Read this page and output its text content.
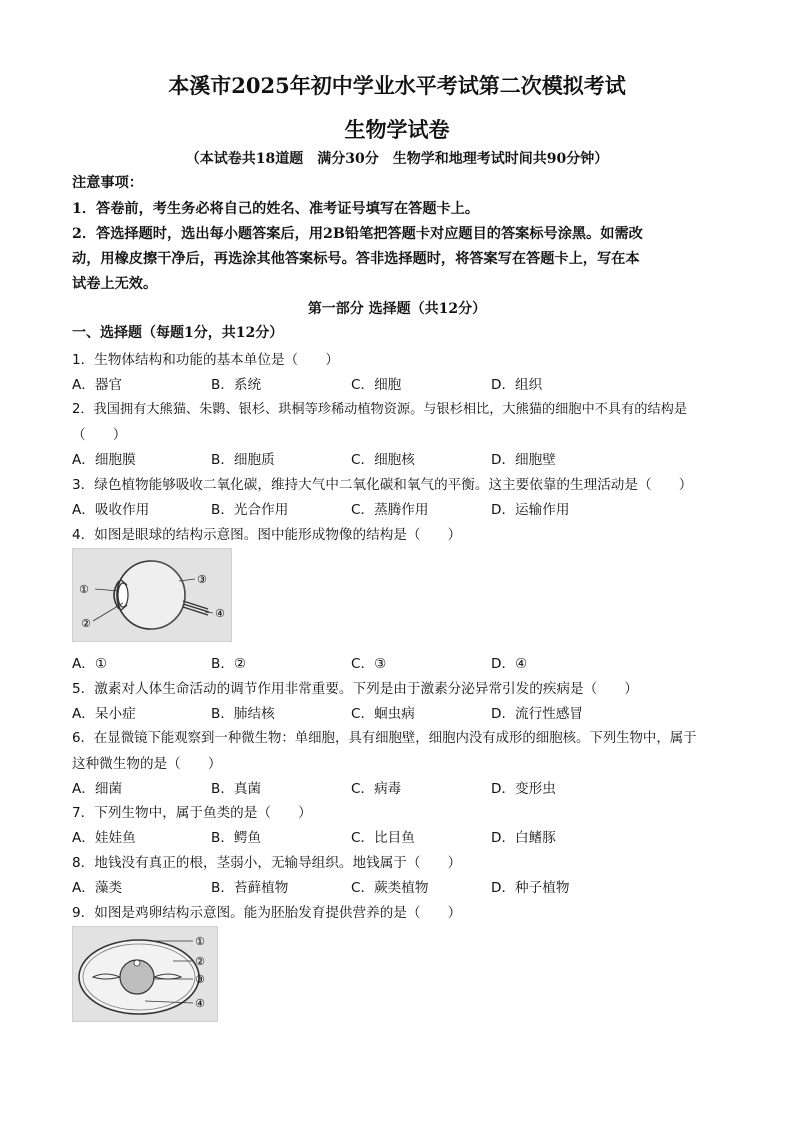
本溪市2025年初中学业水平考试第二次模拟考试
生物学试卷
（本试卷共18道题　满分30分　生物学和地理考试时间共90分钟）
注意事项：
1．答卷前，考生务必将自己的姓名、准考证号填写在答题卡上。
2．答选择题时，选出每小题答案后，用2B铅笔把答题卡对应题目的答案标号涂黑。如需改
动，用橡皮擦干净后，再选涂其他答案标号。答非选择题时，将答案写在答题卡上，写在本
试卷上无效。
第一部分 选择题（共12分）
一、选择题（每题1分，共12分）
1．生物体结构和功能的基本单位是（　　）
A．器官	B．系统	C．细胞	D．组织
2．我国拥有大熊猫、朱鹮、银杉、珙桐等珍稀动植物资源。与银杉相比，大熊猫的细胞中不具有的结构是
（　　）
A．细胞膜	B．细胞质	C．细胞核	D．细胞壁
3．绿色植物能够吸收二氧化碳，维持大气中二氧化碳和氧气的平衡。这主要依靠的生理活动是（　　）
A．吸收作用	B．光合作用	C．蒸腾作用	D．运输作用
4．如图是眼球的结构示意图。图中能形成物像的结构是（　　）
①
②
③
④
A．①	B．②	C．③	D．④
5．激素对人体生命活动的调节作用非常重要。下列是由于激素分泌异常引发的疾病是（　　）
A．呆小症	B．肺结核	C．蛔虫病	D．流行性感冒
6．在显微镜下能观察到一种微生物：单细胞，具有细胞壁，细胞内没有成形的细胞核。下列生物中，属于
这种微生物的是（　　）
A．细菌	B．真菌	C．病毒	D．变形虫
7．下列生物中，属于鱼类的是（　　）
A．娃娃鱼	B．鳄鱼	C．比目鱼	D．白鳍豚
8．地钱没有真正的根，茎弱小，无输导组织。地钱属于（　　）
A．藻类	B．苔藓植物	C．蕨类植物	D．种子植物
9．如图是鸡卵结构示意图。能为胚胎发育提供营养的是（　　）
①
②
③
④
